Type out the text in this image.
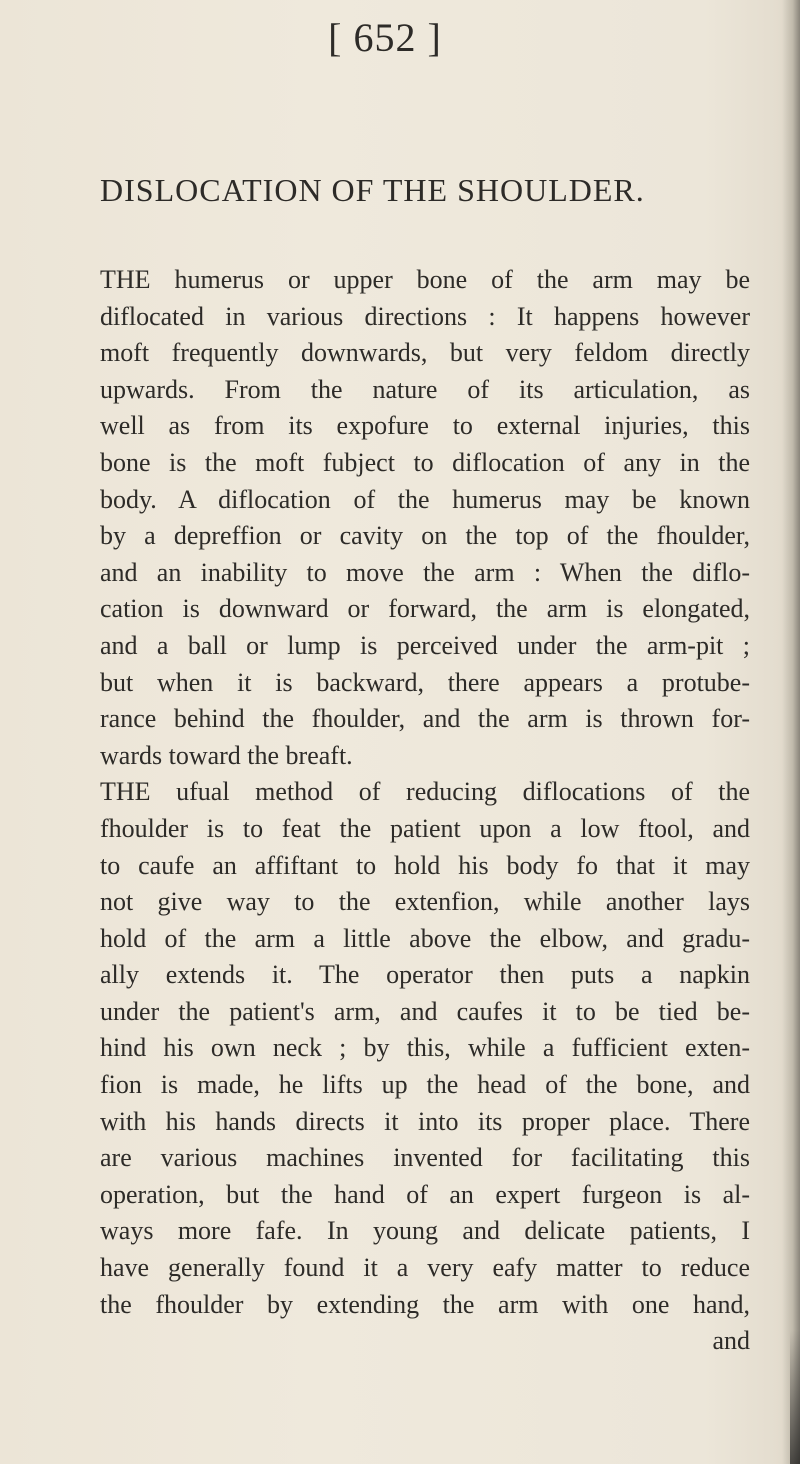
[ 652 ]

DISLOCATION OF THE SHOULDER.
THE humerus or upper bone of the arm may be
diflocated in various directions : It happens however
moft frequently downwards, but very feldom directly
upwards. From the nature of its articulation, as
well as from its expofure to external injuries, this
bone is the moft fubject to diflocation of any in the
body. A diflocation of the humerus may be known
by a depreffion or cavity on the top of the fhoulder,
and an inability to move the arm : When the diflo-
cation is downward or forward, the arm is elongated,
and a ball or lump is perceived under the arm-pit ;
but when it is backward, there appears a protube-
rance behind the fhoulder, and the arm is thrown for-
wards toward the breaft.
THE ufual method of reducing diflocations of the
fhoulder is to feat the patient upon a low ftool, and
to caufe an affiftant to hold his body fo that it may
not give way to the extenfion, while another lays
hold of the arm a little above the elbow, and gradu-
ally extends it. The operator then puts a napkin
under the patient's arm, and caufes it to be tied be-
hind his own neck ; by this, while a fufficient exten-
fion is made, he lifts up the head of the bone, and
with his hands directs it into its proper place. There
are various machines invented for facilitating this
operation, but the hand of an expert furgeon is al-
ways more fafe. In young and delicate patients, I
have generally found it a very eafy matter to reduce
the fhoulder by extending the arm with one hand,
and
